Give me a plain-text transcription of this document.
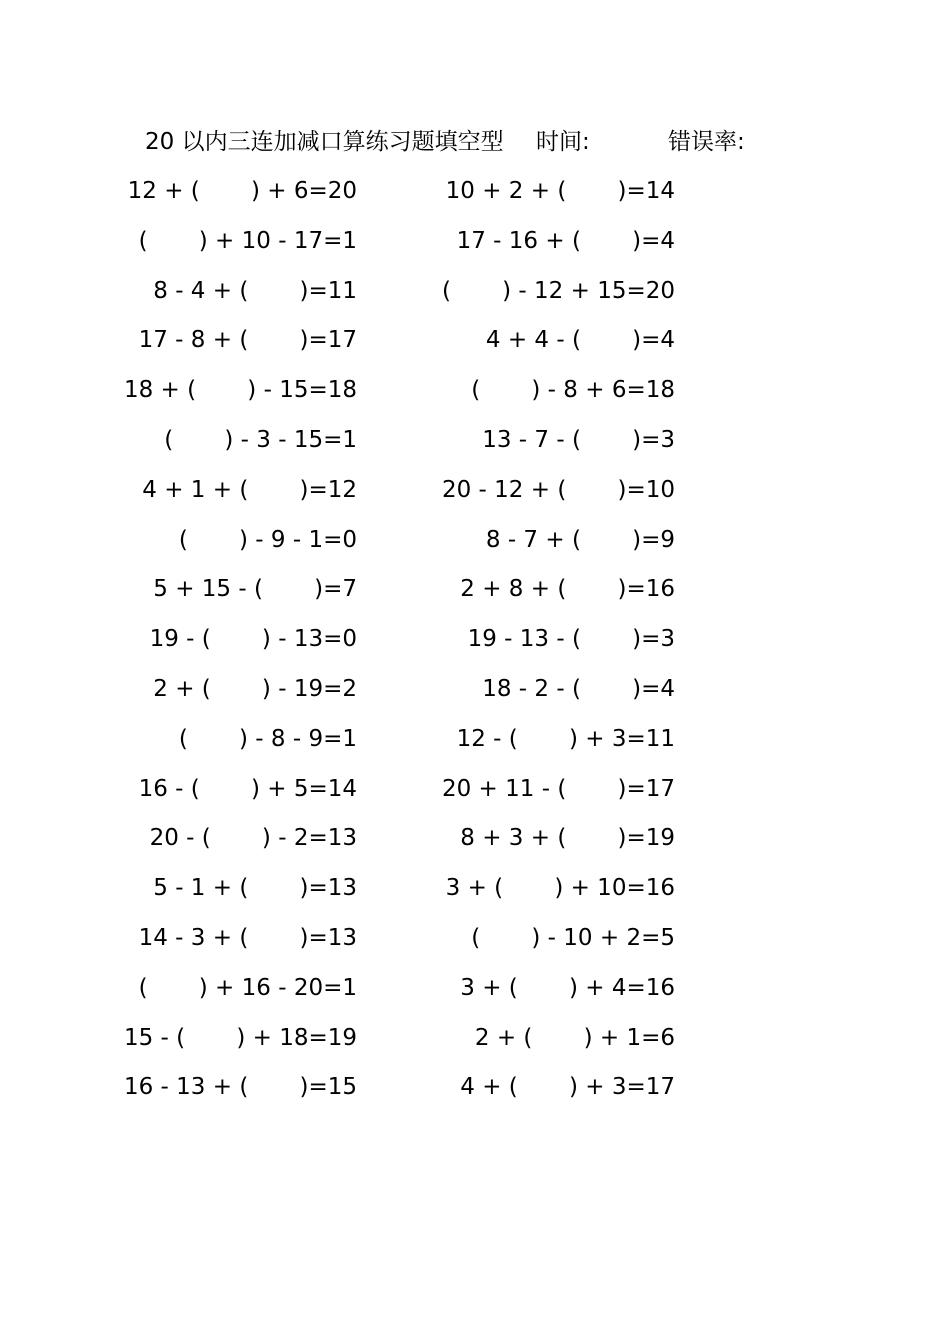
20 以内三连加减口算练习题填空型 时间:	错误率:
12 + (       ) + 6=20	10 + 2 + (       )=14
(       ) + 10 - 17=1	17 - 16 + (       )=4
8 - 4 + (       )=11	(       ) - 12 + 15=20
17 - 8 + (       )=17	4 + 4 - (       )=4
18 + (       ) - 15=18	(       ) - 8 + 6=18
(       ) - 3 - 15=1	13 - 7 - (       )=3
4 + 1 + (       )=12	20 - 12 + (       )=10
(       ) - 9 - 1=0	8 - 7 + (       )=9
5 + 15 - (       )=7	2 + 8 + (       )=16
19 - (       ) - 13=0	19 - 13 - (       )=3
2 + (       ) - 19=2	18 - 2 - (       )=4
(       ) - 8 - 9=1	12 - (       ) + 3=11
16 - (       ) + 5=14	20 + 11 - (       )=17
20 - (       ) - 2=13	8 + 3 + (       )=19
5 - 1 + (       )=13	3 + (       ) + 10=16
14 - 3 + (       )=13	(       ) - 10 + 2=5
(       ) + 16 - 20=1	3 + (       ) + 4=16
15 - (       ) + 18=19	2 + (       ) + 1=6
16 - 13 + (       )=15	4 + (       ) + 3=17
